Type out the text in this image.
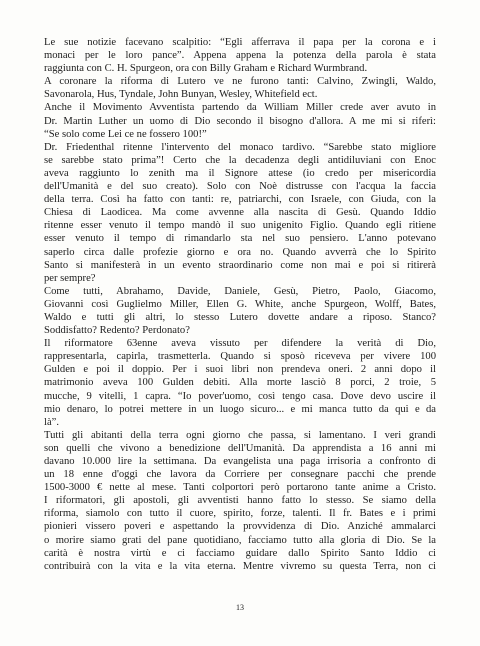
Le sue notizie facevano scalpitio: “Egli afferrava il papa per la corona e i
monaci per le loro pance”. Appena appena la potenza della parola è stata
raggiunta con C. H. Spurgeon, ora con Billy Graham e Richard Wurmbrand.
A coronare la riforma di Lutero ve ne furono tanti: Calvino, Zwingli, Waldo,
Savonarola, Hus, Tyndale, John Bunyan, Wesley, Whitefield ect.
Anche il Movimento Avventista partendo da William Miller crede aver avuto in
Dr. Martin Luther un uomo di Dio secondo il bisogno d'allora. A me mi si riferì:
“Se solo come Lei ce ne fossero 100!”
Dr. Friedenthal ritenne l'intervento del monaco tardivo. “Sarebbe stato migliore
se sarebbe stato prima”! Certo che la decadenza degli antidiluviani con Enoc
aveva raggiunto lo zenith ma il Signore attese (io credo per misericordia
dell'Umanità e del suo creato). Solo con Noè distrusse con l'acqua la faccia
della terra. Così ha fatto con tanti: re, patriarchi, con Israele, con Giuda, con la
Chiesa di Laodicea. Ma come avvenne alla nascita di Gesù. Quando Iddio
ritenne esser venuto il tempo mandò il suo unigenito Figlio. Quando egli ritiene
esser venuto il tempo di rimandarlo sta nel suo pensiero. L'anno potevano
saperlo circa dalle profezie giorno e ora no. Quando avverrà che lo Spirito
Santo si manifesterà in un evento straordinario come non mai e poi si ritirerà
per sempre?
Come tutti, Abrahamo, Davide, Daniele, Gesù, Pietro, Paolo, Giacomo,
Giovanni così Guglielmo Miller, Ellen G. White, anche Spurgeon, Wolff, Bates,
Waldo e tutti gli altri, lo stesso Lutero dovette andare a riposo. Stanco?
Soddisfatto? Redento? Perdonato?
Il riformatore 63enne aveva vissuto per difendere la verità di Dio,
rappresentarla, capirla, trasmetterla. Quando si sposò riceveva per vivere 100
Gulden e poi il doppio. Per i suoi libri non prendeva oneri. 2 anni dopo il
matrimonio aveva 100 Gulden debiti. Alla morte lasciò 8 porci, 2 troie, 5
mucche, 9 vitelli, 1 capra. “Io pover'uomo, così tengo casa. Dove devo uscire il
mio denaro, lo potrei mettere in un luogo sicuro... e mi manca tutto da qui e da
là”.
Tutti gli abitanti della terra ogni giorno che passa, si lamentano. I veri grandi
son quelli che vivono a benedizione dell'Umanità. Da apprendista a 16 anni mi
davano 10.000 lire la settimana. Da evangelista una paga irrisoria a confronto di
un 18 enne d'oggi che lavora da Corriere per consegnare pacchi che prende
1500-3000 € nette al mese. Tanti colportori però portarono tante anime a Cristo.
I riformatori, gli apostoli, gli avventisti hanno fatto lo stesso. Se siamo della
riforma, siamolo con tutto il cuore, spirito, forze, talenti. Il fr. Bates e i primi
pionieri vissero poveri e aspettando la provvidenza di Dio. Anziché ammalarci
o morire siamo grati del pane quotidiano, facciamo tutto alla gloria di Dio. Se la
carità è nostra virtù e ci facciamo guidare dallo Spirito Santo Iddio ci
contribuirà con la vita e la vita eterna. Mentre vivremo su questa Terra, non ci
13
